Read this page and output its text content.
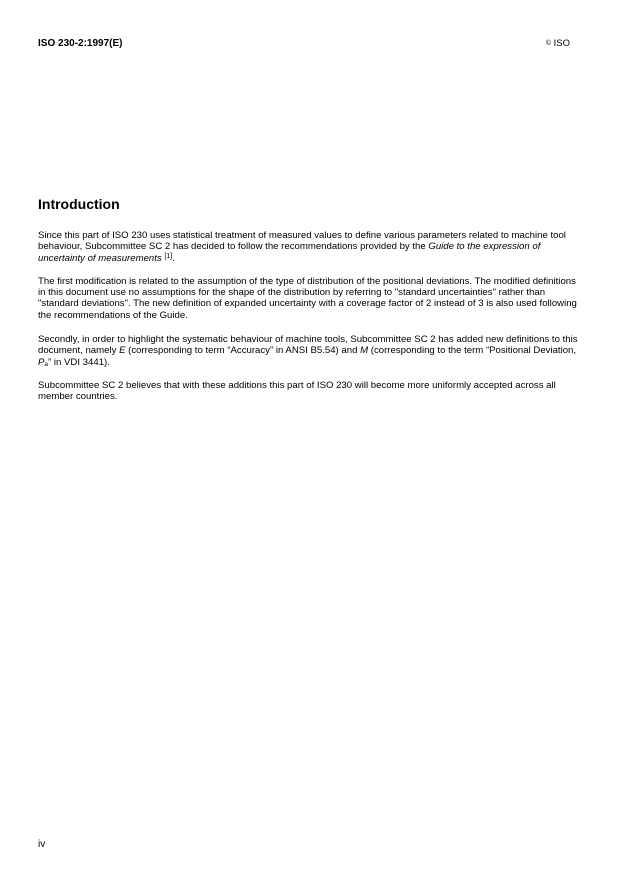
ISO 230-2:1997(E)	© ISO
Introduction

Since this part of ISO 230 uses statistical treatment of measured values to define various parameters related to machine tool behaviour, Subcommittee SC 2 has decided to follow the recommendations provided by the Guide to the expression of uncertainty of measurements [1].

The first modification is related to the assumption of the type of distribution of the positional deviations. The modified definitions in this document use no assumptions for the shape of the distribution by referring to "standard uncertainties" rather than "standard deviations". The new definition of expanded uncertainty with a coverage factor of 2 instead of 3 is also used following the recommendations of the Guide.

Secondly, in order to highlight the systematic behaviour of machine tools, Subcommittee SC 2 has added new definitions to this document, namely E (corresponding to term “Accuracy” in ANSI B5.54) and M (corresponding to the term “Positional Deviation, $P_a$” in VDI 3441).

Subcommittee SC 2 believes that with these additions this part of ISO 230 will become more uniformly accepted across all member countries.

iv
